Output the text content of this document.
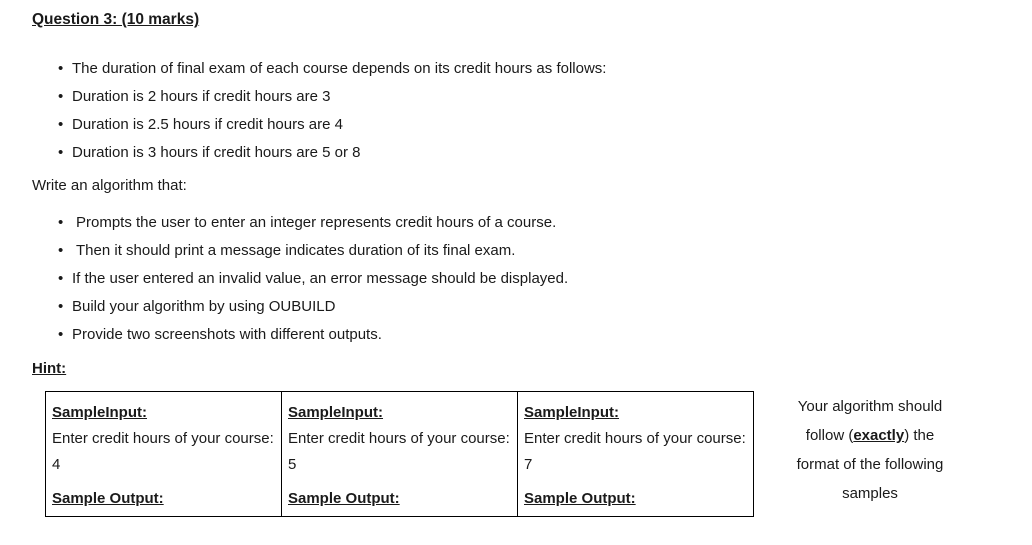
Question 3: (10 marks)
• The duration of final exam of each course depends on its credit hours as follows:
• Duration is 2 hours if credit hours are 3
• Duration is 2.5 hours if credit hours are 4
• Duration is 3 hours if credit hours are 5 or 8
Write an algorithm that:
• Prompts the user to enter an integer represents credit hours of a course.
• Then it should print a message indicates duration of its final exam.
• If the user entered an invalid value, an error message should be displayed.
• Build your algorithm by using OUBUILD
• Provide two screenshots with different outputs.
Hint:
SampleInput:
Enter credit hours of your course:
4
Sample Output:

SampleInput:
Enter credit hours of your course:
5
Sample Output:

SampleInput:
Enter credit hours of your course:
7
Sample Output:
Your algorithm should
follow (exactly) the
format of the following
samples
